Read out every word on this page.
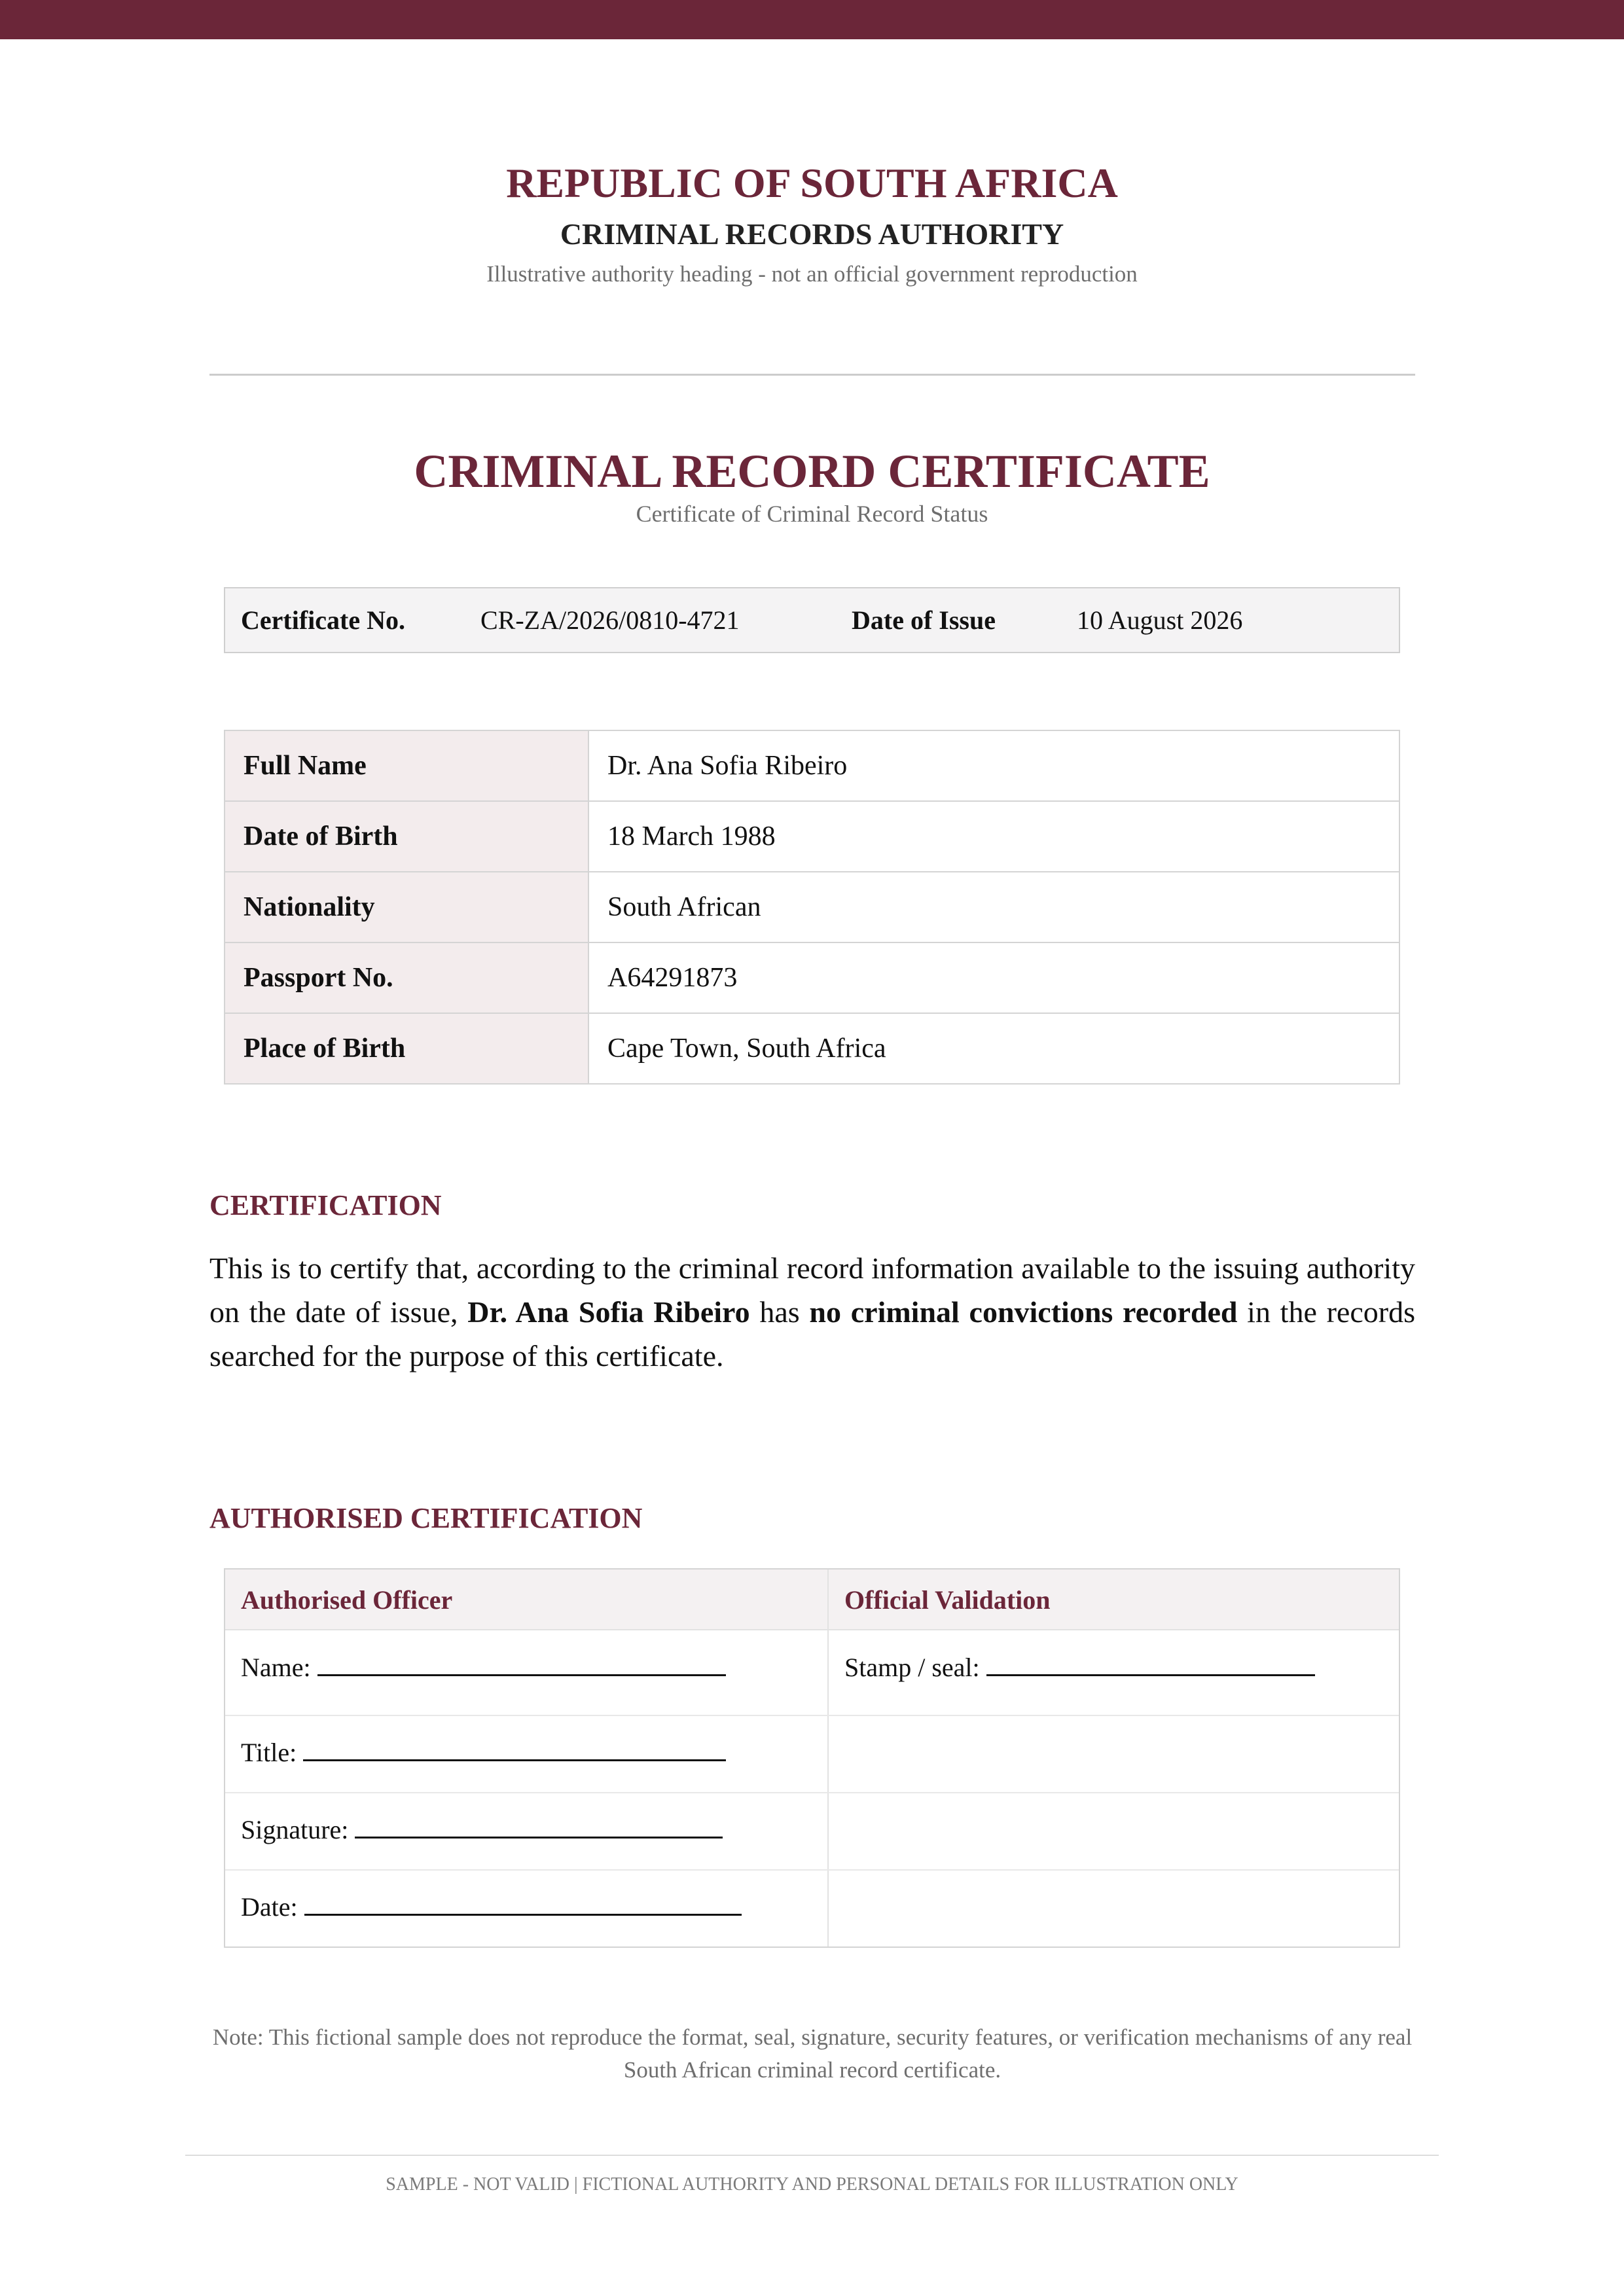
REPUBLIC OF SOUTH AFRICA
CRIMINAL RECORDS AUTHORITY
Illustrative authority heading - not an official government reproduction
CRIMINAL RECORD CERTIFICATE
Certificate of Criminal Record Status
Certificate No.	CR-ZA/2026/0810-4721	Date of Issue	10 August 2026
Full Name	Dr. Ana Sofia Ribeiro
Date of Birth	18 March 1988
Nationality	South African
Passport No.	A64291873
Place of Birth	Cape Town, South Africa
CERTIFICATION

This is to certify that, according to the criminal record information available to the issuing authority on the date of issue, Dr. Ana Sofia Ribeiro has no criminal convictions recorded in the records searched for the purpose of this certificate.

AUTHORISED CERTIFICATION
Authorised Officer	Official Validation
Name:	Stamp / seal:
Title:
Signature:
Date:
Note: This fictional sample does not reproduce the format, seal, signature, security features, or verification mechanisms of any real South African criminal record certificate.
SAMPLE - NOT VALID | FICTIONAL AUTHORITY AND PERSONAL DETAILS FOR ILLUSTRATION ONLY
